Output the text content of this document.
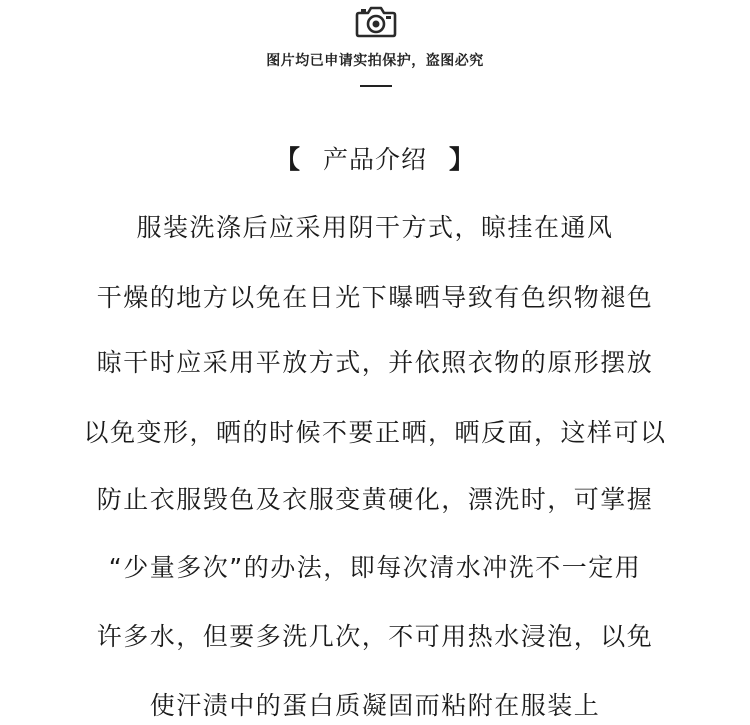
图片均已申请实拍保护，盗图必究
【 产品介绍 】
服装洗涤后应采用阴干方式，晾挂在通风
干燥的地方以免在日光下曝晒导致有色织物褪色
晾干时应采用平放方式，并依照衣物的原形摆放
以免变形，晒的时候不要正晒，晒反面，这样可以
防止衣服毁色及衣服变黄硬化，漂洗时，可掌握
“少量多次”的办法，即每次清水冲洗不一定用
许多水，但要多洗几次，不可用热水浸泡，以免
使汗渍中的蛋白质凝固而粘附在服装上
